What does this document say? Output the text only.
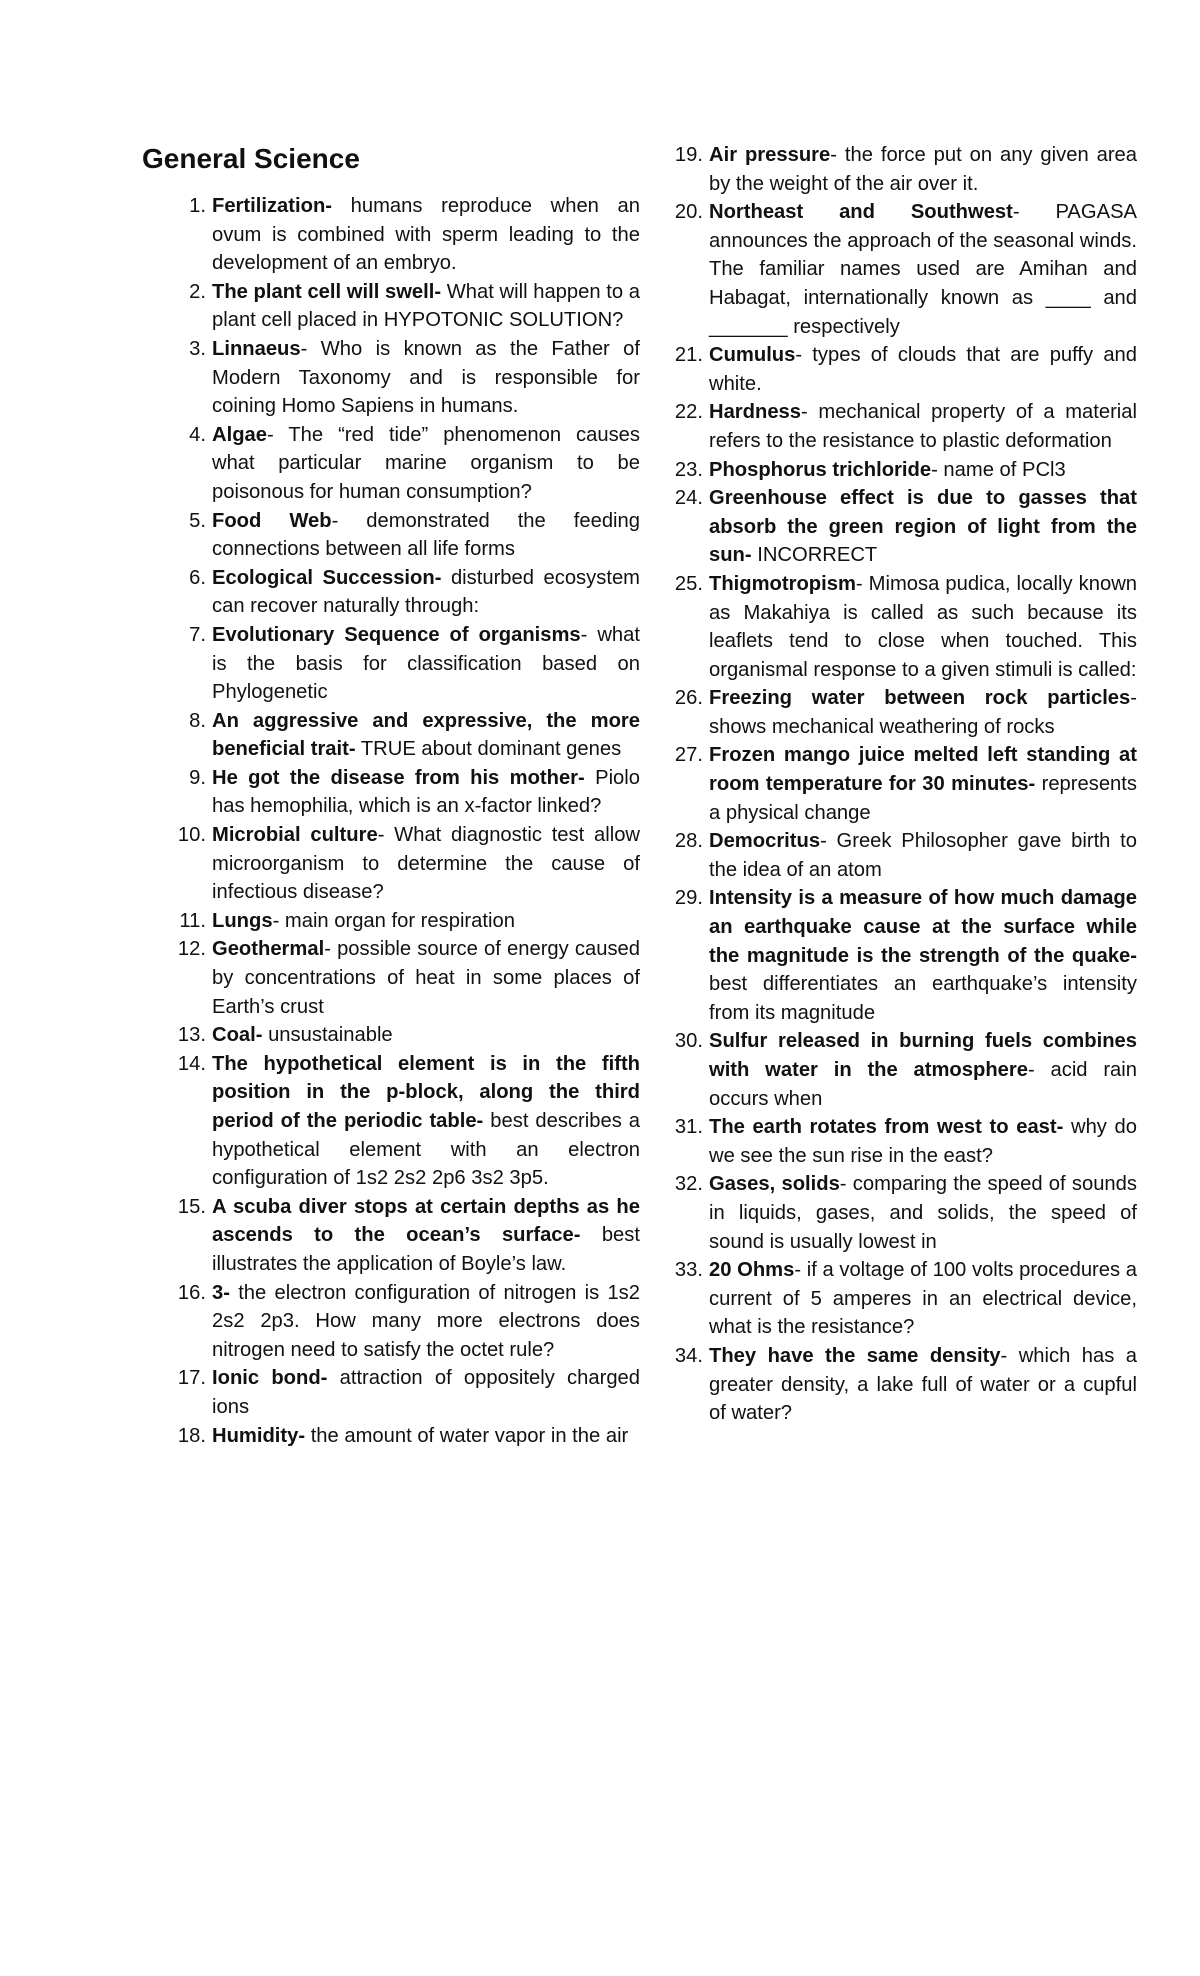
General Science
1. Fertilization- humans reproduce when an ovum is combined with sperm leading to the development of an embryo.
2. The plant cell will swell- What will happen to a plant cell placed in HYPOTONIC SOLUTION?
3. Linnaeus- Who is known as the Father of Modern Taxonomy and is responsible for coining Homo Sapiens in humans.
4. Algae- The “red tide” phenomenon causes what particular marine organism to be poisonous for human consumption?
5. Food Web- demonstrated the feeding connections between all life forms
6. Ecological Succession- disturbed ecosystem can recover naturally through:
7. Evolutionary Sequence of organisms- what is the basis for classification based on Phylogenetic
8. An aggressive and expressive, the more beneficial trait- TRUE about dominant genes
9. He got the disease from his mother- Piolo has hemophilia, which is an x-factor linked?
10. Microbial culture- What diagnostic test allow microorganism to determine the cause of infectious disease?
11. Lungs- main organ for respiration
12. Geothermal- possible source of energy caused by concentrations of heat in some places of Earth’s crust
13. Coal- unsustainable
14. The hypothetical element is in the fifth position in the p-block, along the third period of the periodic table- best describes a hypothetical element with an electron configuration of 1s2 2s2 2p6 3s2 3p5.
15. A scuba diver stops at certain depths as he ascends to the ocean’s surface- best illustrates the application of Boyle’s law.
16. 3- the electron configuration of nitrogen is 1s2 2s2 2p3. How many more electrons does nitrogen need to satisfy the octet rule?
17. Ionic bond- attraction of oppositely charged ions
18. Humidity- the amount of water vapor in the air
19. Air pressure- the force put on any given area by the weight of the air over it.
20. Northeast and Southwest- PAGASA announces the approach of the seasonal winds. The familiar names used are Amihan and Habagat, internationally known as ____ and _______ respectively
21. Cumulus- types of clouds that are puffy and white.
22. Hardness- mechanical property of a material refers to the resistance to plastic deformation
23. Phosphorus trichloride- name of PCl3
24. Greenhouse effect is due to gasses that absorb the green region of light from the sun- INCORRECT
25. Thigmotropism- Mimosa pudica, locally known as Makahiya is called as such because its leaflets tend to close when touched. This organismal response to a given stimuli is called:
26. Freezing water between rock particles- shows mechanical weathering of rocks
27. Frozen mango juice melted left standing at room temperature for 30 minutes- represents a physical change
28. Democritus- Greek Philosopher gave birth to the idea of an atom
29. Intensity is a measure of how much damage an earthquake cause at the surface while the magnitude is the strength of the quake- best differentiates an earthquake’s intensity from its magnitude
30. Sulfur released in burning fuels combines with water in the atmosphere- acid rain occurs when
31. The earth rotates from west to east- why do we see the sun rise in the east?
32. Gases, solids- comparing the speed of sounds in liquids, gases, and solids, the speed of sound is usually lowest in
33. 20 Ohms- if a voltage of 100 volts procedures a current of 5 amperes in an electrical device, what is the resistance?
34. They have the same density- which has a greater density, a lake full of water or a cupful of water?
